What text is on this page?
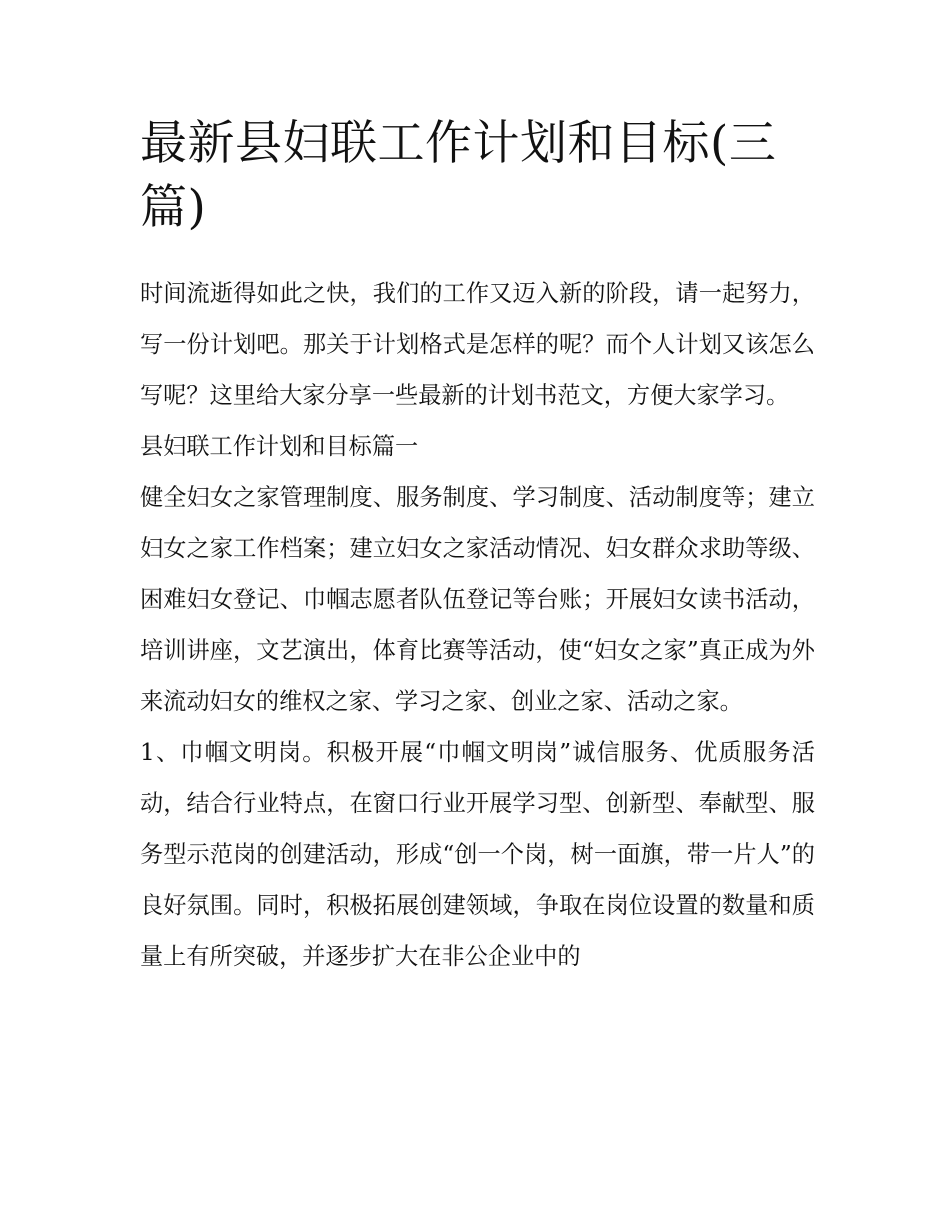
最新县妇联工作计划和目标(三篇)

时间流逝得如此之快，我们的工作又迈入新的阶段，请一起努力，写一份计划吧。那关于计划格式是怎样的呢？而个人计划又该怎么写呢？这里给大家分享一些最新的计划书范文，方便大家学习。

县妇联工作计划和目标篇一

健全妇女之家管理制度、服务制度、学习制度、活动制度等；建立妇女之家工作档案；建立妇女之家活动情况、妇女群众求助等级、困难妇女登记、巾帼志愿者队伍登记等台账；开展妇女读书活动，培训讲座，文艺演出，体育比赛等活动，使“妇女之家”真正成为外来流动妇女的维权之家、学习之家、创业之家、活动之家。

1、巾帼文明岗。积极开展“巾帼文明岗”诚信服务、优质服务活动，结合行业特点，在窗口行业开展学习型、创新型、奉献型、服务型示范岗的创建活动，形成“创一个岗，树一面旗，带一片人”的良好氛围。同时，积极拓展创建领域，争取在岗位设置的数量和质量上有所突破，并逐步扩大在非公企业中的
